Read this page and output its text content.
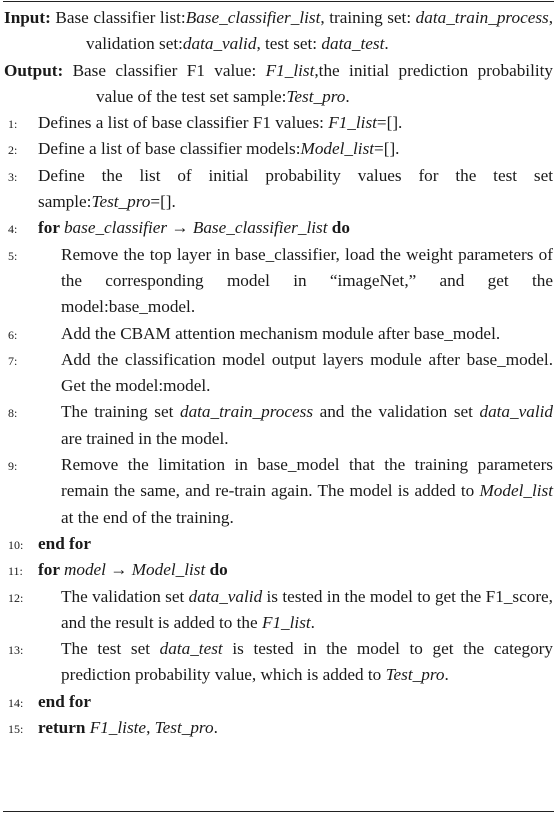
Input: Base classifier list:Base_classifier_list, training set: data_train_process, validation set:data_valid, test set: data_test.
Output: Base classifier F1 value: F1_list,the initial prediction probability value of the test set sample:Test_pro.
1:	Defines a list of base classifier F1 values: F1_list=[].
2:	Define a list of base classifier models:Model_list=[].
3:	Define the list of initial probability values for the test set sample:Test_pro=[].
4:	for base_classifier → Base_classifier_list do
5:	Remove the top layer in base_classifier, load the weight parameters of the corresponding model in “imageNet,” and get the model:base_model.
6:	Add the CBAM attention mechanism module after base_model.
7:	Add the classification model output layers module after base_model. Get the model:model.
8:	The training set data_train_process and the validation set data_valid are trained in the model.
9:	Remove the limitation in base_model that the training parameters remain the same, and re-train again. The model is added to Model_list at the end of the training.
10: end for
11: for model → Model_list do
12:	The validation set data_valid is tested in the model to get the F1_score, and the result is added to the F1_list.
13:	The test set data_test is tested in the model to get the category prediction probability value, which is added to Test_pro.
14: end for
15: return F1_liste, Test_pro.
